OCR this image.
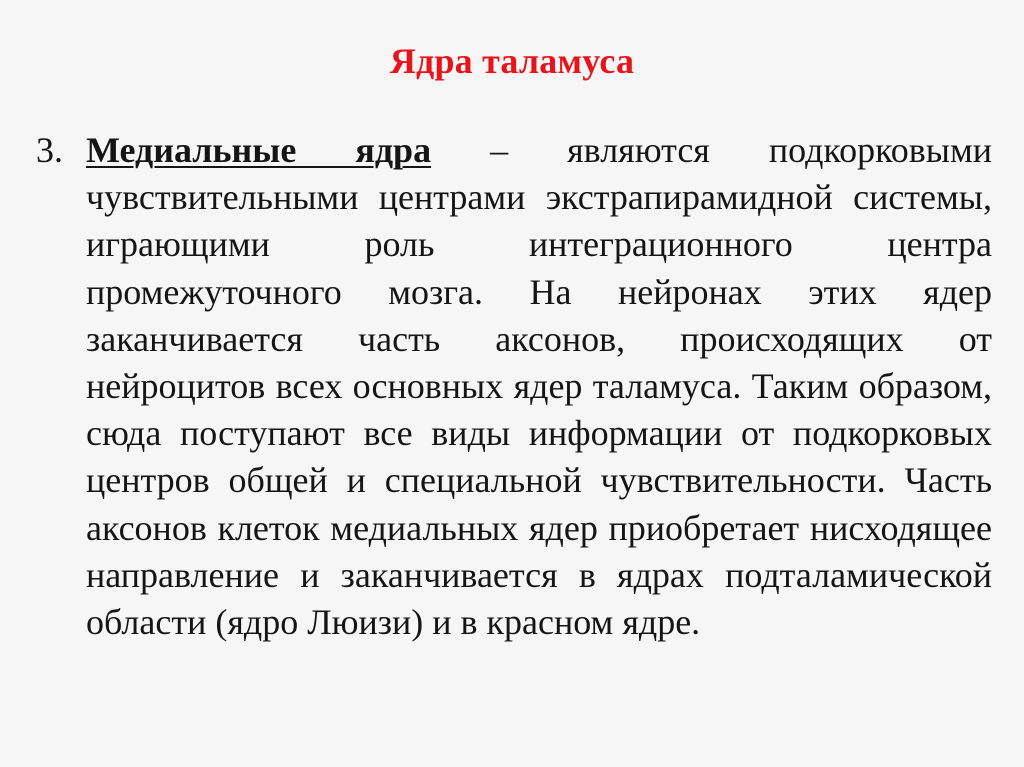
Ядра таламуса
3. Медиальные ядра – являются подкорковыми чувствительными центрами экстрапирамидной системы, играющими роль интеграционного центра промежуточного мозга. На нейронах этих ядер заканчивается часть аксонов, происходящих от нейроцитов всех основных ядер таламуса. Таким образом, сюда поступают все виды информации от подкорковых центров общей и специальной чувствительности. Часть аксонов клеток медиальных ядер приобретает нисходящее направление и заканчивается в ядрах подталамической области (ядро Люизи) и в красном ядре.
